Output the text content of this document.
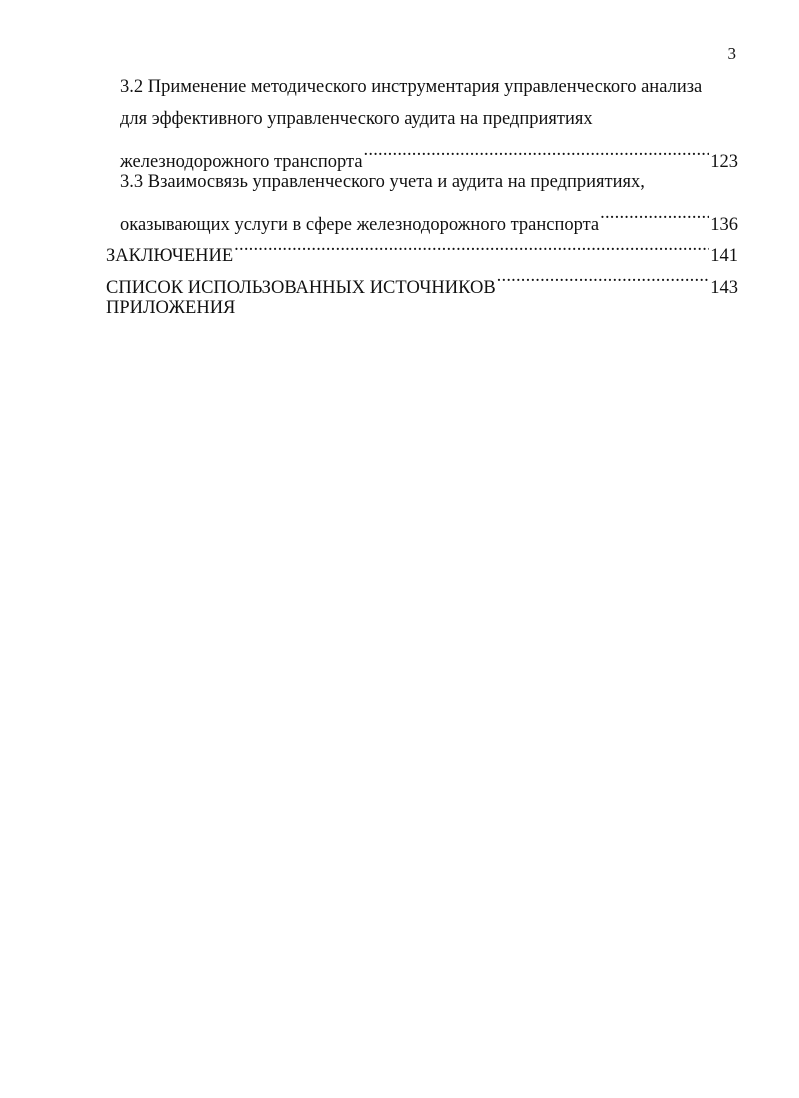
3
3.2 Применение методического инструментария управленческого анализа
для эффективного управленческого аудита на предприятиях
железнодорожного транспорта .....	123
3.3 Взаимосвязь управленческого учета и аудита на предприятиях,
оказывающих услуги в сфере железнодорожного транспорта .....	136
ЗАКЛЮЧЕНИЕ .....	141
СПИСОК ИСПОЛЬЗОВАННЫХ ИСТОЧНИКОВ .....	143
ПРИЛОЖЕНИЯ
